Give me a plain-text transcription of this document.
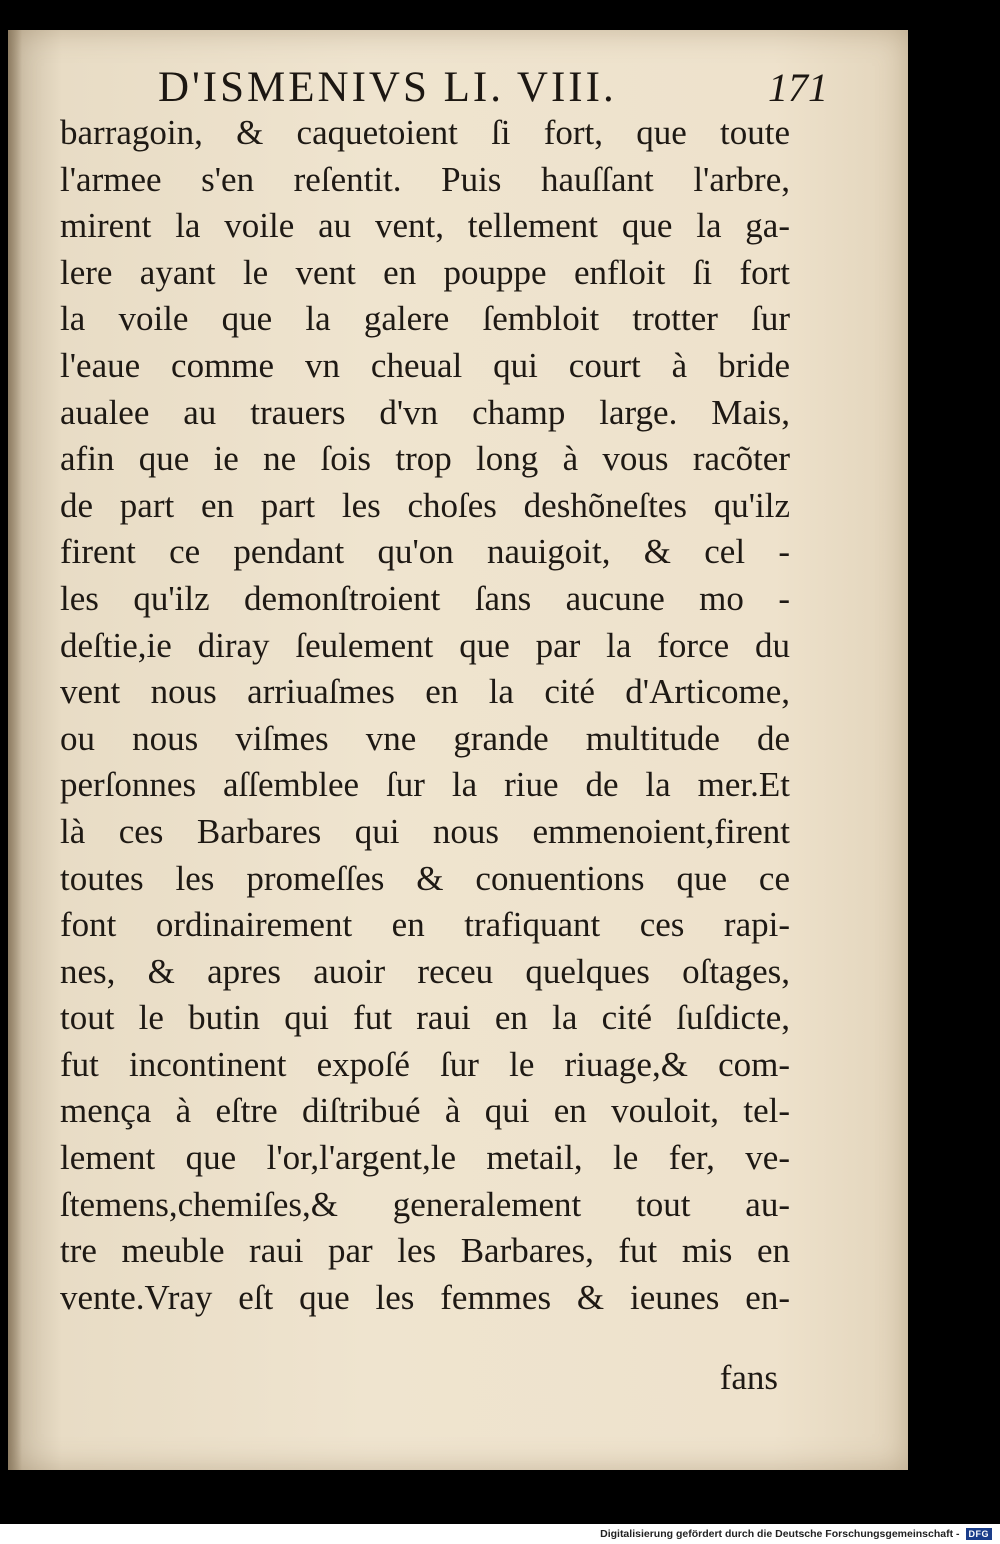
D'ISMENIVS LI. VIII.	171
barragoin, & caquetoient ſi fort, que toute
l'armee s'en reſentit. Puis hauſſant l'arbre,
mirent la voile au vent, tellement que la ga-
lere ayant le vent en pouppe enfloit ſi fort
la voile que la galere ſembloit trotter ſur
l'eaue comme vn cheual qui court à bride
aualee au trauers d'vn champ large. Mais,
afin que ie ne ſois trop long à vous racõter
de part en part les choſes deshõneſtes qu'ilz
firent ce pendant qu'on nauigoit, & cel -
les qu'ilz demonſtroient ſans aucune mo -
deſtie,ie diray ſeulement que par la force du
vent nous arriuaſmes en la cité d'Articome,
ou nous viſmes vne grande multitude de
perſonnes aſſemblee ſur la riue de la mer.Et
là ces Barbares qui nous emmenoient,firent
toutes les promeſſes & conuentions que ce
font ordinairement en trafiquant ces rapi-
nes, & apres auoir receu quelques oſtages,
tout le butin qui fut raui en la cité ſuſdicte,
fut incontinent expoſé ſur le riuage,& com-
mença à eſtre diſtribué à qui en vouloit, tel-
lement que l'or,l'argent,le metail, le fer, ve-
ſtemens,chemiſes,& generalement tout au-
tre meuble raui par les Barbares, fut mis en
vente.Vray eſt que les femmes & ieunes en-
fans
Digitalisierung gefördert durch die Deutsche Forschungsgemeinschaft -	DFG
